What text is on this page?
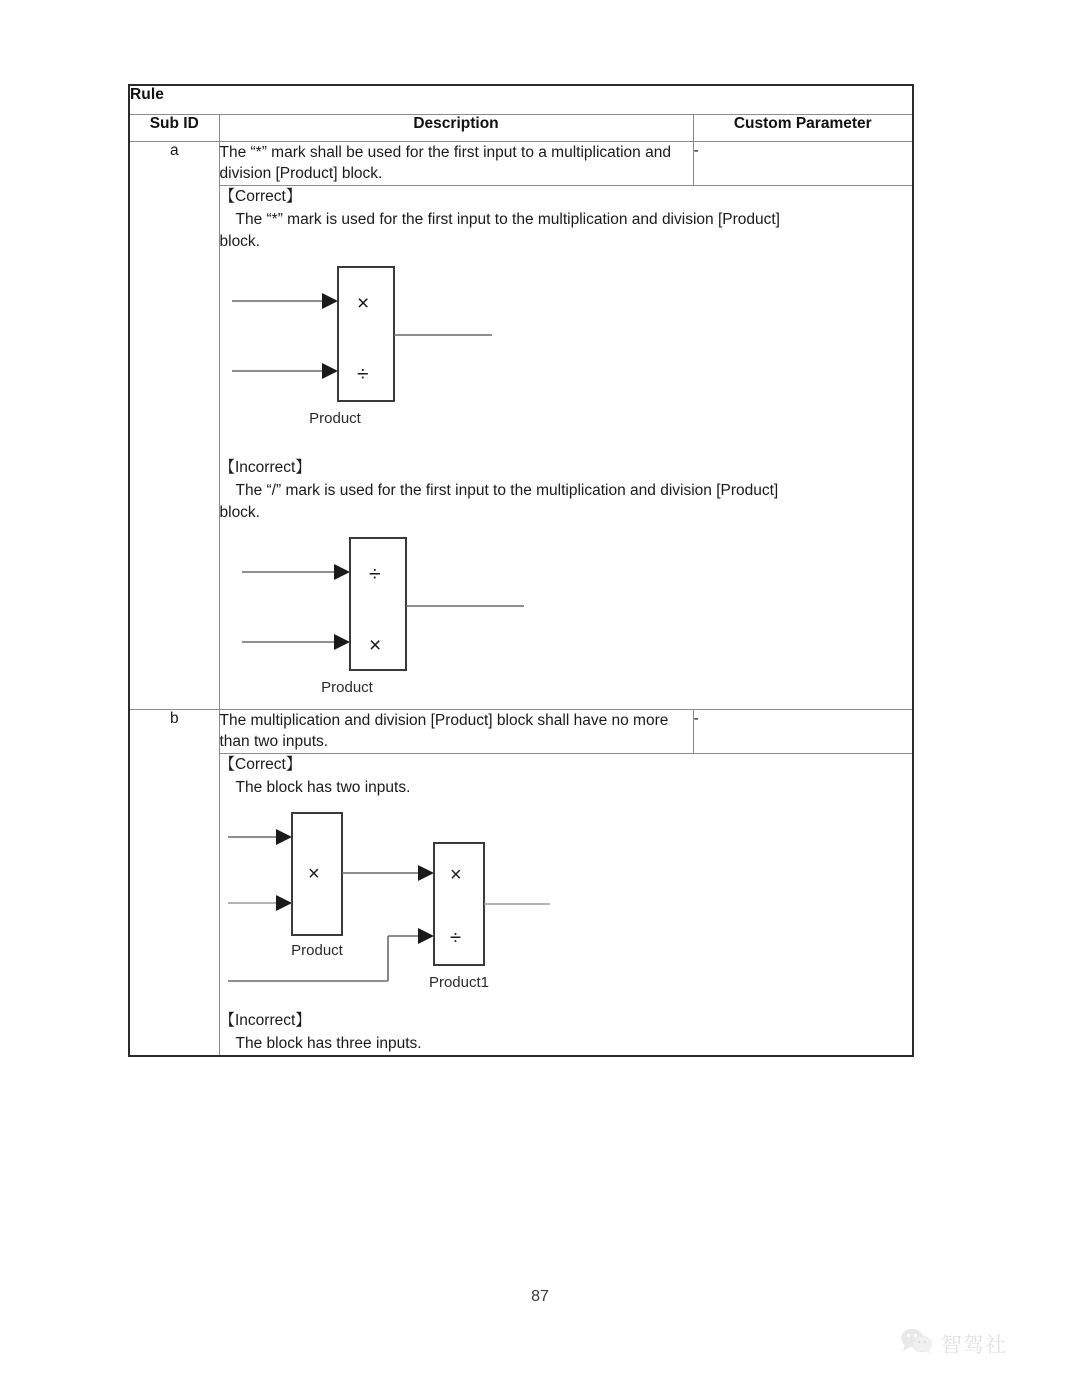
Rule		
Sub ID	Description	Custom Parameter
a	The “*” mark shall be used for the first input to a multiplication and division [Product] block.	-

【Correct】

The “*” mark is used for the first input to the multiplication and division [Product]

block.

×
÷
Product

【Incorrect】

The “/” mark is used for the first input to the multiplication and division [Product]

block.

÷
×
Product

b	The multiplication and division [Product] block shall have no more than two inputs.	-

【Correct】

The block has two inputs.

×
Product
×
÷
Product1

【Incorrect】

The block has three inputs.

87
智驾社
